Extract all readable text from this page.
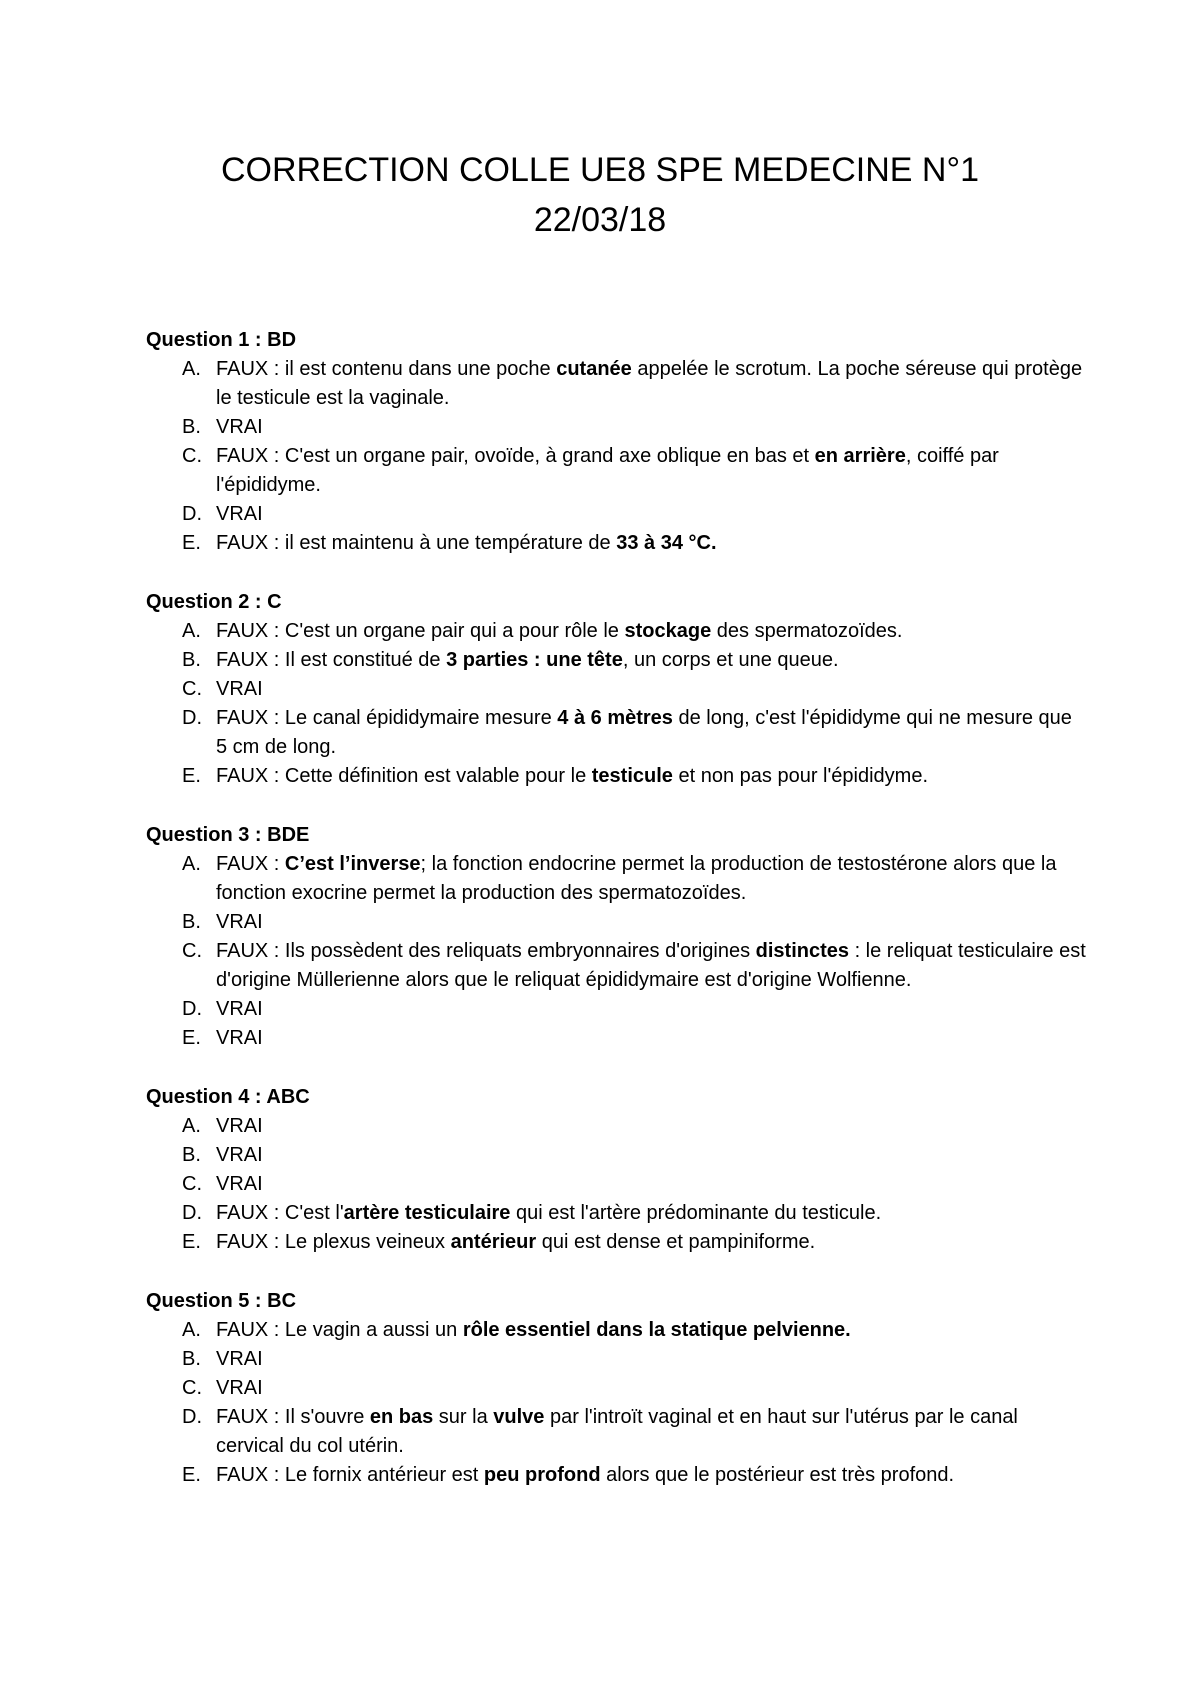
CORRECTION COLLE UE8 SPE MEDECINE N°1
22/03/18
Question 1 : BD
A. FAUX : il est contenu dans une poche cutanée appelée le scrotum. La poche séreuse qui protège le testicule est la vaginale.
B. VRAI
C. FAUX : C'est un organe pair, ovoïde, à grand axe oblique en bas et en arrière, coiffé par l'épididyme.
D. VRAI
E. FAUX : il est maintenu à une température de 33 à 34 °C.
Question 2 : C
A. FAUX : C'est un organe pair qui a pour rôle le stockage des spermatozoïdes.
B. FAUX : Il est constitué de 3 parties : une tête, un corps et une queue.
C. VRAI
D. FAUX : Le canal épididymaire mesure 4 à 6 mètres de long, c'est l'épididyme qui ne mesure que 5 cm de long.
E. FAUX : Cette définition est valable pour le testicule et non pas pour l'épididyme.
Question 3 : BDE
A. FAUX : C’est l’inverse; la fonction endocrine permet la production de testostérone alors que la fonction exocrine permet la production des spermatozoïdes.
B. VRAI
C. FAUX : Ils possèdent des reliquats embryonnaires d'origines distinctes : le reliquat testiculaire est d'origine Müllerienne alors que le reliquat épididymaire est d'origine Wolfienne.
D. VRAI
E. VRAI
Question 4 : ABC
A. VRAI
B. VRAI
C. VRAI
D. FAUX : C'est l'artère testiculaire qui est l'artère prédominante du testicule.
E. FAUX : Le plexus veineux antérieur qui est dense et pampiniforme.
Question 5 : BC
A. FAUX : Le vagin a aussi un rôle essentiel dans la statique pelvienne.
B. VRAI
C. VRAI
D. FAUX : Il s'ouvre en bas sur la vulve par l'introït vaginal et en haut sur l'utérus par le canal cervical du col utérin.
E. FAUX : Le fornix antérieur est peu profond alors que le postérieur est très profond.
